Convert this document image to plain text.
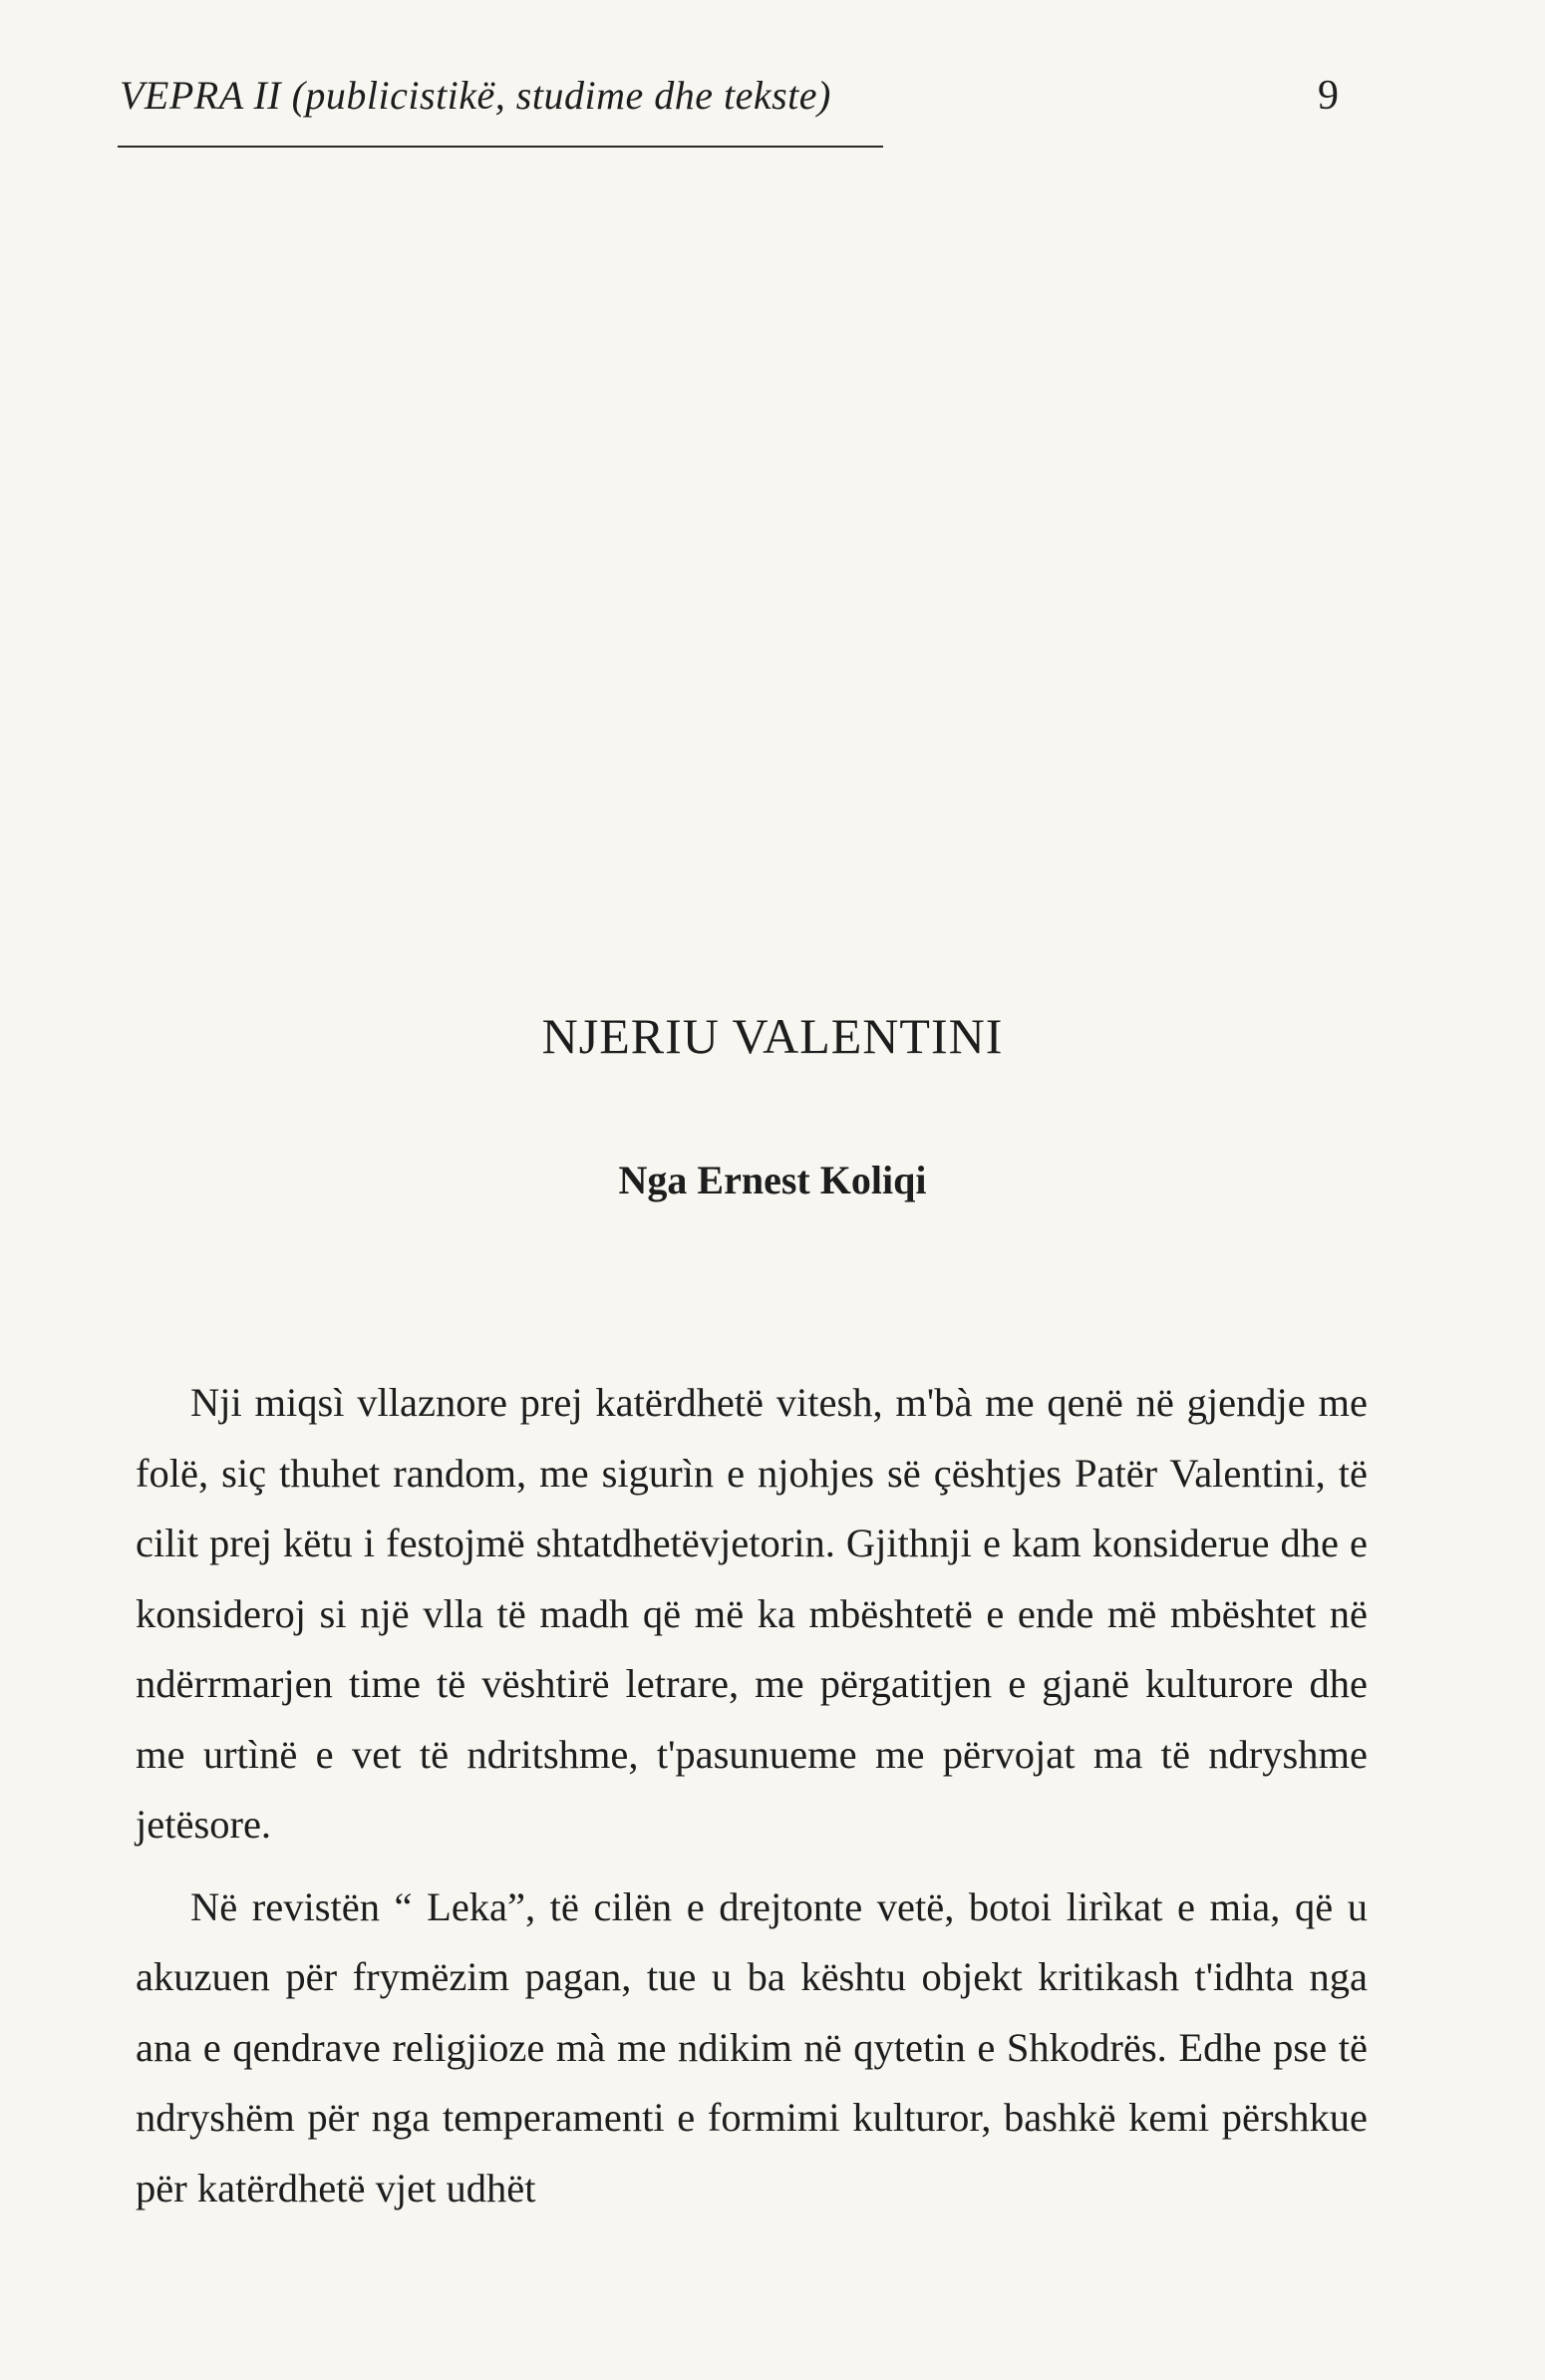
VEPRA II (publicistikë, studime dhe tekste)	9
NJERIU VALENTINI
Nga Ernest Koliqi

Nji miqsì vllaznore prej katërdhetë vitesh, m'bà me qenë në gjendje me folë, siç thuhet random, me sigurìn e njohjes së çështjes Patër Valentini, të cilit prej këtu i festojmë shtatdhetëvjetorin. Gjithnji e kam konsiderue dhe e konsideroj si një vlla të madh që më ka mbështetë e ende më mbështet në ndërrmarjen time të vështirë letrare, me përgatitjen e gjanë kulturore dhe me urtìnë e vet të ndritshme, t'pasunueme me përvojat ma të ndryshme jetësore.

Në revistën “ Leka”, të cilën e drejtonte vetë, botoi lirìkat e mia, që u akuzuen për frymëzim pagan, tue u ba kështu objekt kritikash t'idhta nga ana e qendrave religjioze mà me ndikim në qytetin e Shkodrës. Edhe pse të ndryshëm për nga temperamenti e formimi kulturor, bashkë kemi përshkue për katërdhetë vjet udhët
